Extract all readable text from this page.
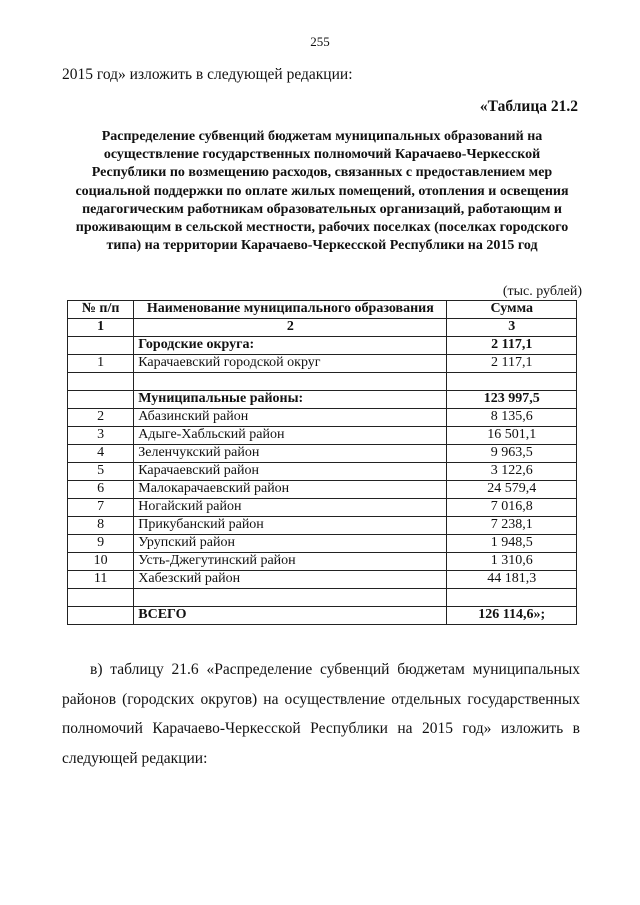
255
2015 год» изложить в следующей редакции:
«Таблица 21.2
Распределение субвенций бюджетам муниципальных образований на осуществление государственных полномочий Карачаево-Черкесской Республики по возмещению расходов, связанных с предоставлением мер социальной поддержки по оплате жилых помещений, отопления и освещения педагогическим работникам образовательных организаций, работающим и проживающим в сельской местности, рабочих поселках (поселках городского типа) на территории Карачаево-Черкесской Республики на 2015 год
(тыс. рублей)
№ п/п	Наименование муниципального образования	Сумма
1	2	3
	Городские округа:	2 117,1
1	Карачаевский городской округ	2 117,1

	Муниципальные районы:	123 997,5
2	Абазинский район	8 135,6
3	Адыге-Хабльский район	16 501,1
4	Зеленчукский район	9 963,5
5	Карачаевский район	3 122,6
6	Малокарачаевский район	24 579,4
7	Ногайский район	7 016,8
8	Прикубанский район	7 238,1
9	Урупский район	1 948,5
10	Усть-Джегутинский район	1 310,6
11	Хабезский район	44 181,3

	ВСЕГО	126 114,6»;
в) таблицу 21.6 «Распределение субвенций бюджетам муниципальных районов (городских округов) на осуществление отдельных государственных полномочий Карачаево-Черкесской Республики на 2015 год» изложить в следующей редакции:
